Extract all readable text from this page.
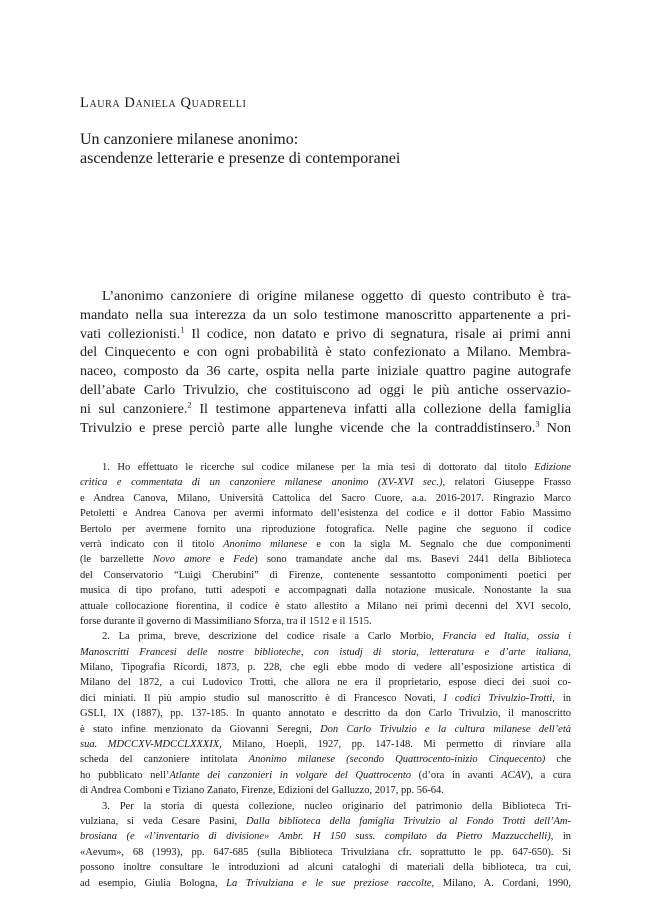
Laura Daniela Quadrelli
Un canzoniere milanese anonimo:
ascendenze letterarie e presenze di contemporanei
L’anonimo canzoniere di origine milanese oggetto di questo contributo è tra-
mandato nella sua interezza da un solo testimone manoscritto appartenente a pri-
vati collezionisti.$^1$ Il codice, non datato e privo di segnatura, risale ai primi anni
del Cinquecento e con ogni probabilità è stato confezionato a Milano. Membra-
naceo, composto da 36 carte, ospita nella parte iniziale quattro pagine autografe
dell’abate Carlo Trivulzio, che costituiscono ad oggi le più antiche osservazio-
ni sul canzoniere.$^2$ Il testimone apparteneva infatti alla collezione della famiglia
Trivulzio e prese perciò parte alle lunghe vicende che la contraddistinsero.$^3$ Non
1. Ho effettuato le ricerche sul codice milanese per la mia tesi di dottorato dal titolo Edizione
critica e commentata di un canzoniere milanese anonimo (XV-XVI sec.), relatori Giuseppe Frasso
e Andrea Canova, Milano, Università Cattolica del Sacro Cuore, a.a. 2016-2017. Ringrazio Marco
Petoletti e Andrea Canova per avermi informato dell’esistenza del codice e il dottor Fabio Massimo
Bertolo per avermene fornito una riproduzione fotografica. Nelle pagine che seguono il codice
verrà indicato con il titolo Anonimo milanese e con la sigla M. Segnalo che due componimenti
(le barzellette Novo amore e Fede) sono tramandate anche dal ms. Basevi 2441 della Biblioteca
del Conservatorio “Luigi Cherubini” di Firenze, contenente sessantotto componimenti poetici per
musica di tipo profano, tutti adespoti e accompagnati dalla notazione musicale. Nonostante la sua
attuale collocazione fiorentina, il codice è stato allestito a Milano nei primi decenni del XVI secolo,
forse durante il governo di Massimiliano Sforza, tra il 1512 e il 1515.
2. La prima, breve, descrizione del codice risale a Carlo Morbio, Francia ed Italia, ossia i
Manoscritti Francesi delle nostre biblioteche, con istudj di storia, letteratura e d’arte italiana,
Milano, Tipografia Ricordi, 1873, p. 228, che egli ebbe modo di vedere all’esposizione artistica di
Milano del 1872, a cui Ludovico Trotti, che allora ne era il proprietario, espose dieci dei suoi co-
dici miniati. Il più ampio studio sul manoscritto è di Francesco Novati, I codici Trivulzio-Trotti, in
GSLI, IX (1887), pp. 137-185. In quanto annotato e descritto da don Carlo Trivulzio, il manoscritto
è stato infine menzionato da Giovanni Seregni, Don Carlo Trivulzio e la cultura milanese dell’età
sua. MDCCXV-MDCCLXXXIX, Milano, Hoepli, 1927, pp. 147-148. Mi permetto di rinviare alla
scheda del canzoniere intitolata Anonimo milanese (secondo Quattrocento-inizio Cinquecento) che
ho pubblicato nell’Atlante dei canzonieri in volgare del Quattrocento (d’ora in avanti ACAV), a cura
di Andrea Comboni e Tiziano Zanato, Firenze, Edizioni del Galluzzo, 2017, pp. 56-64.
3. Per la storia di questa collezione, nucleo originario del patrimonio della Biblioteca Tri-
vulziana, si veda Cesare Pasini, Dalla biblioteca della famiglia Trivulzio al Fondo Trotti dell’Am-
brosiana (e «l’inventario di divisione» Ambr. H 150 suss. compilato da Pietro Mazzucchelli), in
«Aevum», 68 (1993), pp. 647-685 (sulla Biblioteca Trivulziana cfr. soprattutto le pp. 647-650). Si
possono inoltre consultare le introduzioni ad alcuni cataloghi di materiali della biblioteca, tra cui,
ad esempio, Giulia Bologna, La Trivulziana e le sue preziose raccolte, Milano, A. Cordani, 1990,
